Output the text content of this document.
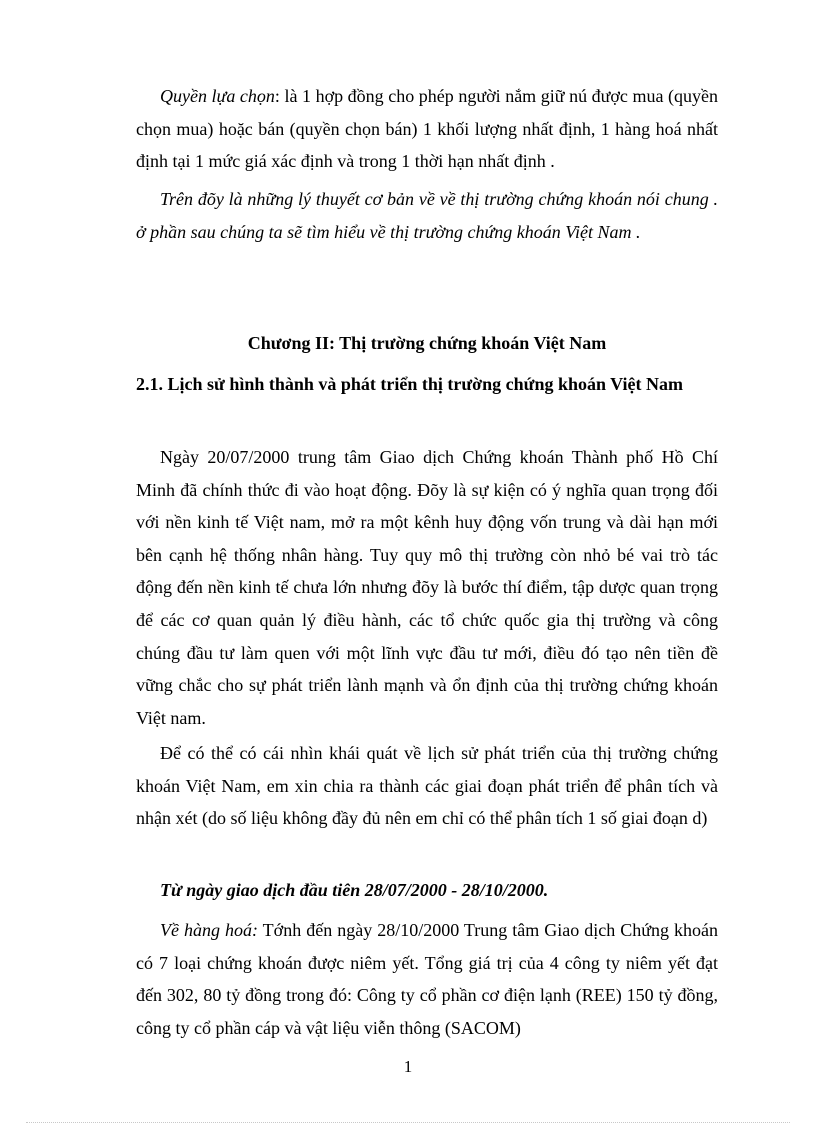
Quyền lựa chọn: là 1 hợp đồng cho phép người nắm giữ nú được mua (quyền chọn mua) hoặc bán (quyền chọn bán) 1 khối lượng nhất định, 1 hàng hoá nhất định tại 1 mức giá xác định và trong 1 thời hạn nhất định .
Trên đõy là những lý thuyết cơ bản về về thị trường chứng khoán nói chung . ở phần sau chúng ta sẽ tìm hiểu về thị trường chứng khoán Việt Nam .
Chương II: Thị trường chứng khoán Việt Nam
2.1. Lịch sử hình thành và phát triển thị trường chứng khoán Việt Nam
Ngày 20/07/2000 trung tâm Giao dịch Chứng khoán Thành phố Hồ Chí Minh đã chính thức đi vào hoạt động. Đõy là sự kiện có ý nghĩa quan trọng đối với nền kinh tế Việt nam, mở ra một kênh huy động vốn trung và dài hạn mới bên cạnh hệ thống nhân hàng. Tuy quy mô thị trường còn nhỏ bé vai trò tác động đến nền kinh tế chưa lớn nhưng đõy là bước thí điểm, tập dược quan trọng để các cơ quan quản lý điều hành, các tổ chức quốc gia thị trường và công chúng đầu tư làm quen với một lĩnh vực đầu tư mới, điều đó tạo nên tiền đề vững chắc cho sự phát triển lành mạnh và ổn định của thị trường chứng khoán Việt nam.
Để có thể có cái nhìn khái quát về lịch sử phát triển của thị trường chứng khoán Việt Nam, em xin chia ra thành các giai đoạn phát triển để phân tích và nhận xét (do số liệu không đầy đủ nên em chỉ có thể phân tích 1 số giai đoạn d)
Từ ngày giao dịch đầu tiên 28/07/2000 - 28/10/2000.
Về hàng hoá: Tớnh đến ngày 28/10/2000 Trung tâm Giao dịch Chứng khoán có 7 loại chứng khoán được niêm yết. Tổng giá trị của 4 công ty niêm yết đạt đến 302, 80 tỷ đồng trong đó: Công ty cổ phần cơ điện lạnh (REE) 150 tỷ đồng, công ty cổ phần cáp và vật liệu viễn thông (SACOM)
1
